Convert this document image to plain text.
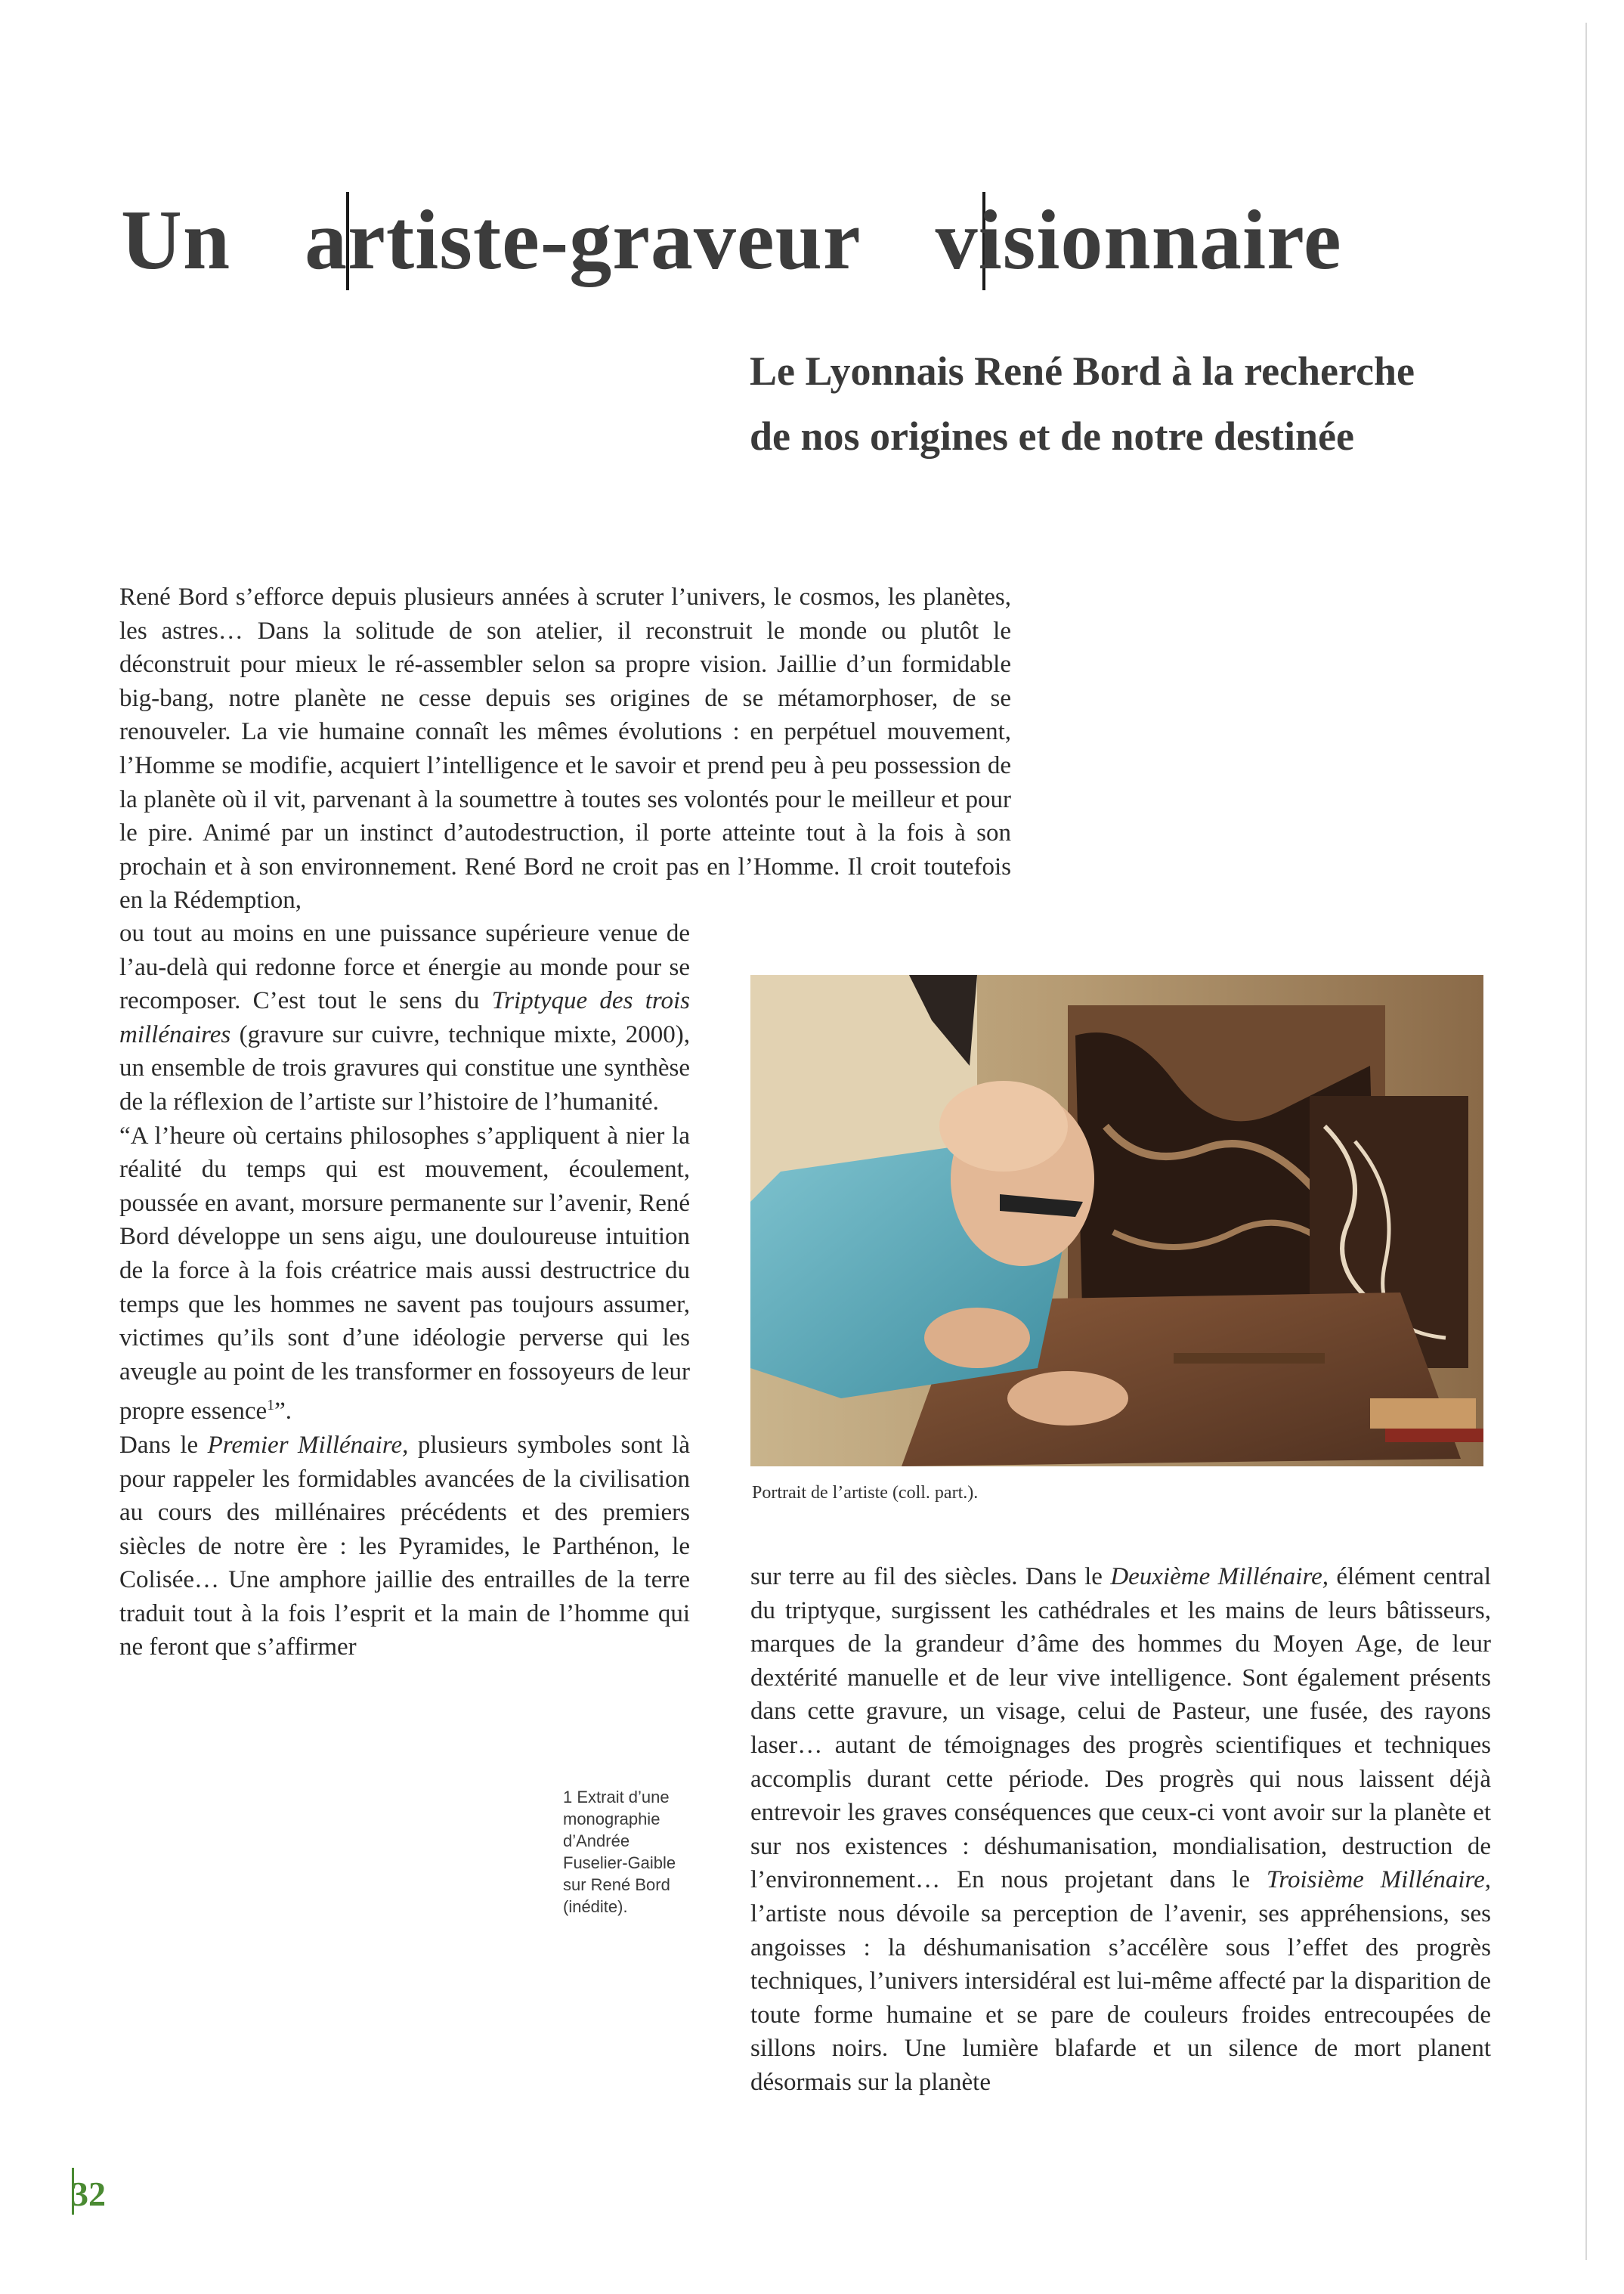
Un artiste-graveur visionnaire
Le Lyonnais René Bord à la recherche
de nos origines et de notre destinée

René Bord s’efforce depuis plusieurs années à scruter l’univers, le cosmos, les planètes, les astres… Dans la solitude de son atelier, il reconstruit le monde ou plutôt le déconstruit pour mieux le ré-assembler selon sa propre vision. Jaillie d’un formidable big-bang, notre planète ne cesse depuis ses origines de se métamorphoser, de se renouveler. La vie humaine connaît les mêmes évolutions : en perpétuel mouvement, l’Homme se modifie, acquiert l’intelligence et le savoir et prend peu à peu possession de la planète où il vit, parvenant à la soumettre à toutes ses volontés pour le meilleur et pour le pire. Animé par un instinct d’autodestruction, il porte atteinte tout à la fois à son prochain et à son environnement. René Bord ne croit pas en l’Homme. Il croit toutefois en la Rédemption,

ou tout au moins en une puissance supérieure venue de l’au-delà qui redonne force et énergie au monde pour se recomposer. C’est tout le sens du Triptyque des trois millénaires (gravure sur cuivre, technique mixte, 2000), un ensemble de trois gravures qui constitue une synthèse de la réflexion de l’artiste sur l’histoire de l’humanité.

“A l’heure où certains philosophes s’appliquent à nier la réalité du temps qui est mouvement, écoulement, poussée en avant, morsure permanente sur l’avenir, René Bord développe un sens aigu, une douloureuse intuition de la force à la fois créatrice mais aussi destructrice du temps que les hommes ne savent pas toujours assumer, victimes qu’ils sont d’une idéologie perverse qui les aveugle au point de les transformer en fossoyeurs de leur propre essence$^1$”.

Dans le Premier Millénaire, plusieurs symboles sont là pour rappeler les formidables avancées de la civilisation au cours des millénaires précédents et des premiers siècles de notre ère : les Pyramides, le Parthénon, le Colisée… Une amphore jaillie des entrailles de la terre traduit tout à la fois l’esprit et la main de l’homme qui ne feront que s’affirmer

Portrait de l’artiste (coll. part.).
1 Extrait d’une
monographie
d’Andrée
Fuselier-Gaible
sur René Bord
(inédite).

sur terre au fil des siècles. Dans le Deuxième Millénaire, élément central du triptyque, surgissent les cathédrales et les mains de leurs bâtisseurs, marques de la grandeur d’âme des hommes du Moyen Age, de leur dextérité manuelle et de leur vive intelligence. Sont également présents dans cette gravure, un visage, celui de Pasteur, une fusée, des rayons laser… autant de témoignages des progrès scientifiques et techniques accomplis durant cette période. Des progrès qui nous laissent déjà entrevoir les graves conséquences que ceux-ci vont avoir sur la planète et sur nos existences : déshumanisation, mondialisation, destruction de l’environnement… En nous projetant dans le Troisième Millénaire, l’artiste nous dévoile sa perception de l’avenir, ses appréhensions, ses angoisses : la déshumanisation s’accélère sous l’effet des progrès techniques, l’univers intersidéral est lui-même affecté par la disparition de toute forme humaine et se pare de couleurs froides entrecoupées de sillons noirs. Une lumière blafarde et un silence de mort planent désormais sur la planète

32
